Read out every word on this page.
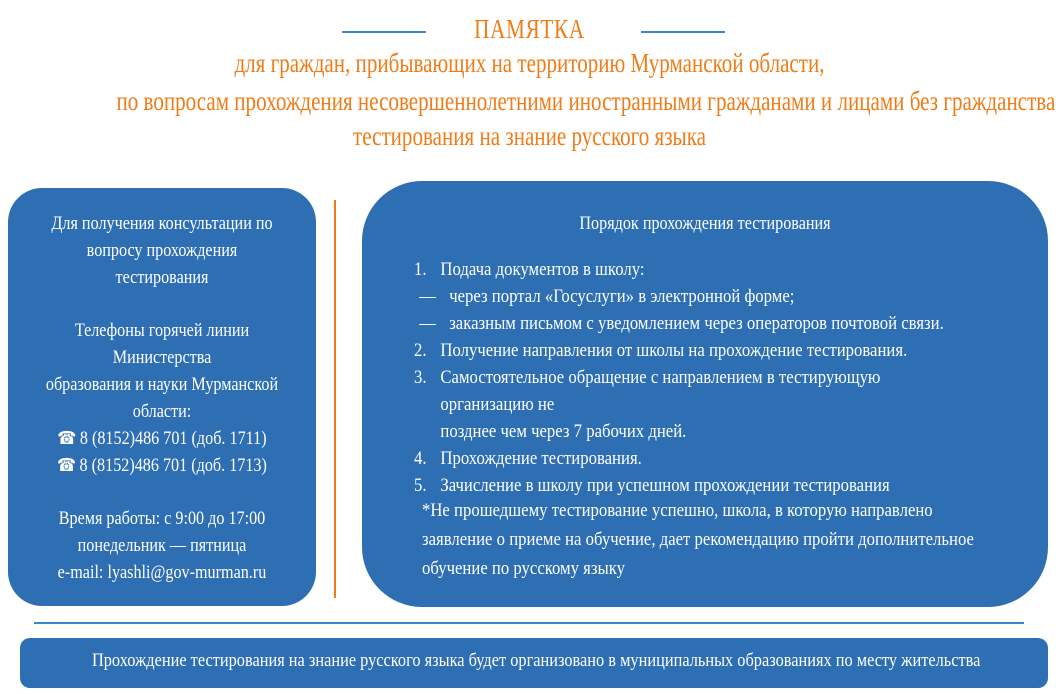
ПАМЯТКА
для граждан, прибывающих на территорию Мурманской области,
по вопросам прохождения несовершеннолетними иностранными гражданами и лицами без гражданства
тестирования на знание русского языка
Для получения консультации по
вопросу прохождения
тестирования
Телефоны горячей линии
Министерства
образования и науки Мурманской
области:
☎ 8 (8152)486 701 (доб. 1711)
☎ 8 (8152)486 701 (доб. 1713)
Время работы: с 9:00 до 17:00
понедельник — пятница
e-mail: lyashli@gov-murman.ru
Порядок прохождения тестирования
1. Подача документов в школу:
— через портал «Госуслуги» в электронной форме;
— заказным письмом с уведомлением через операторов почтовой связи.
2. Получение направления от школы на прохождение тестирования.
3. Самостоятельное обращение с направлением в тестирующую организацию не
позднее чем через 7 рабочих дней.
4. Прохождение тестирования.
5. Зачисление в школу при успешном прохождении тестирования
*Не прошедшему тестирование успешно, школа, в которую направлено
заявление о приеме на обучение, дает рекомендацию пройти дополнительное
обучение по русскому языку
Прохождение тестирования на знание русского языка будет организовано в муниципальных образованиях по месту жительства
